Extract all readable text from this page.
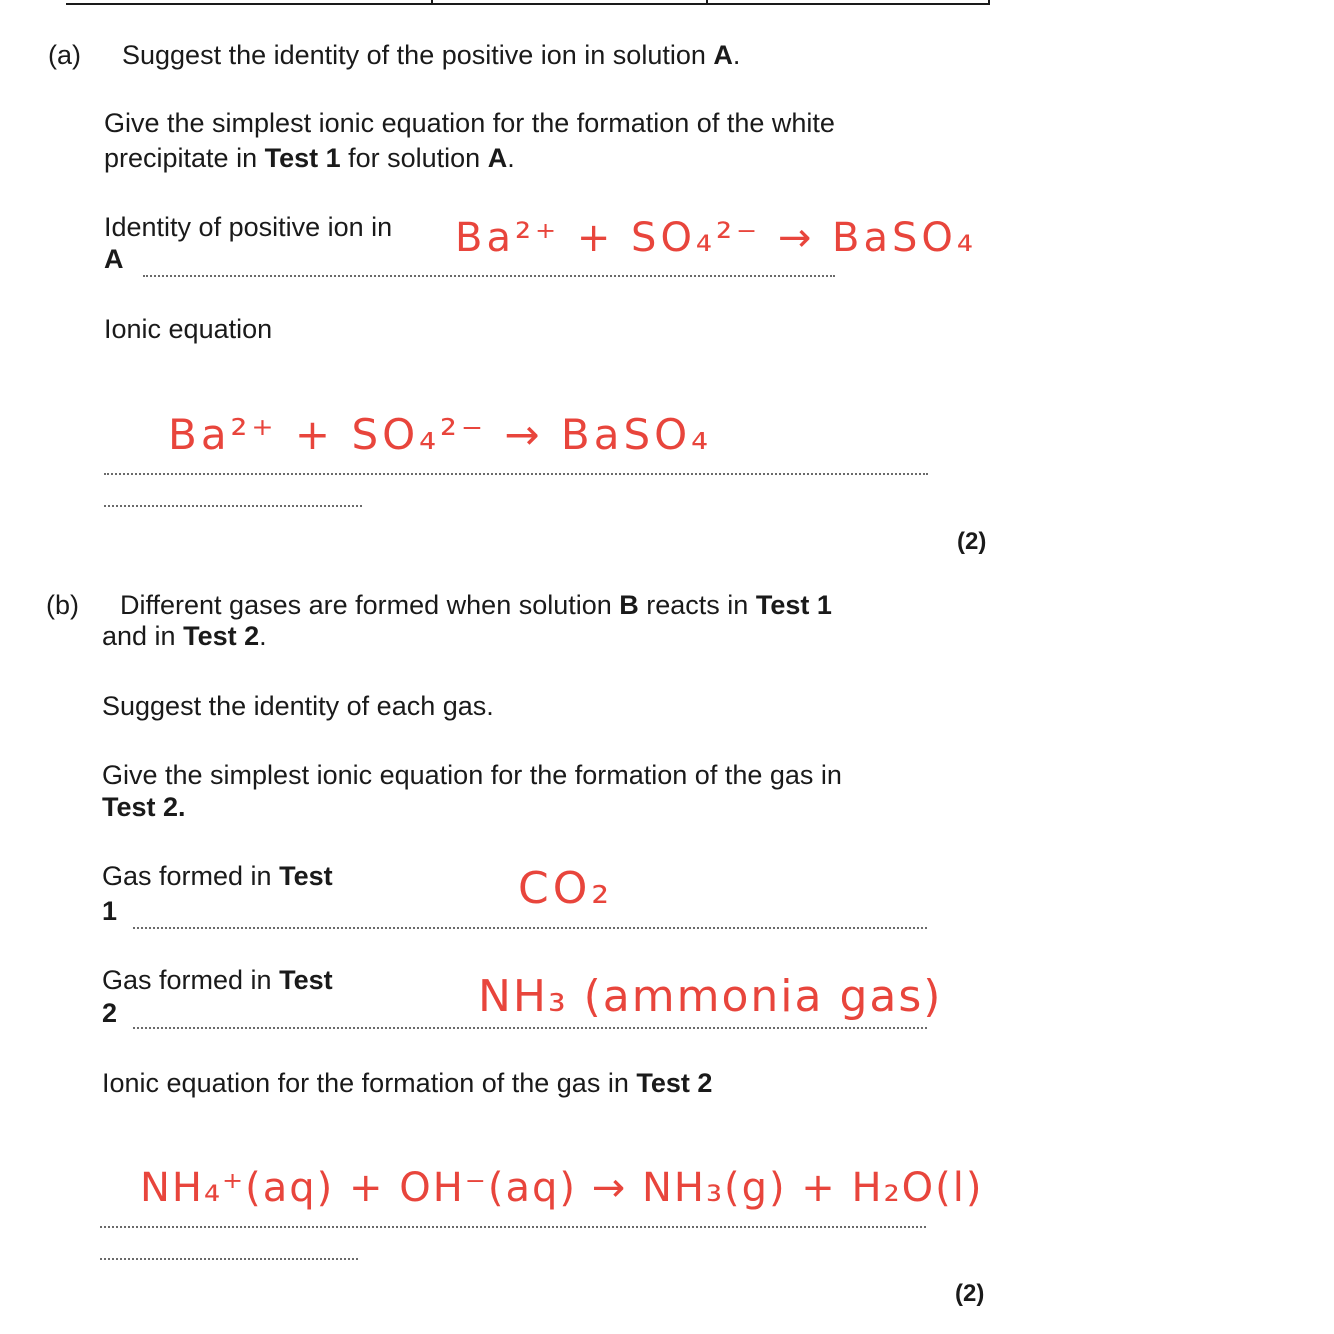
(a) Suggest the identity of the positive ion in solution A.
Give the simplest ionic equation for the formation of the white
precipitate in Test 1 for solution A.
Identity of positive ion in
A	Ba²⁺ + SO₄²⁻ → BaSO₄
Ionic equation
Ba²⁺ + SO₄²⁻ → BaSO₄
(2)
(b) Different gases are formed when solution B reacts in Test 1
and in Test 2.
Suggest the identity of each gas.
Give the simplest ionic equation for the formation of the gas in
Test 2.
Gas formed in Test
1	CO₂
Gas formed in Test
2	NH₃ (ammonia gas)
Ionic equation for the formation of the gas in Test 2
NH₄⁺(aq) + OH⁻(aq) → NH₃(g) + H₂O(l)
(2)
